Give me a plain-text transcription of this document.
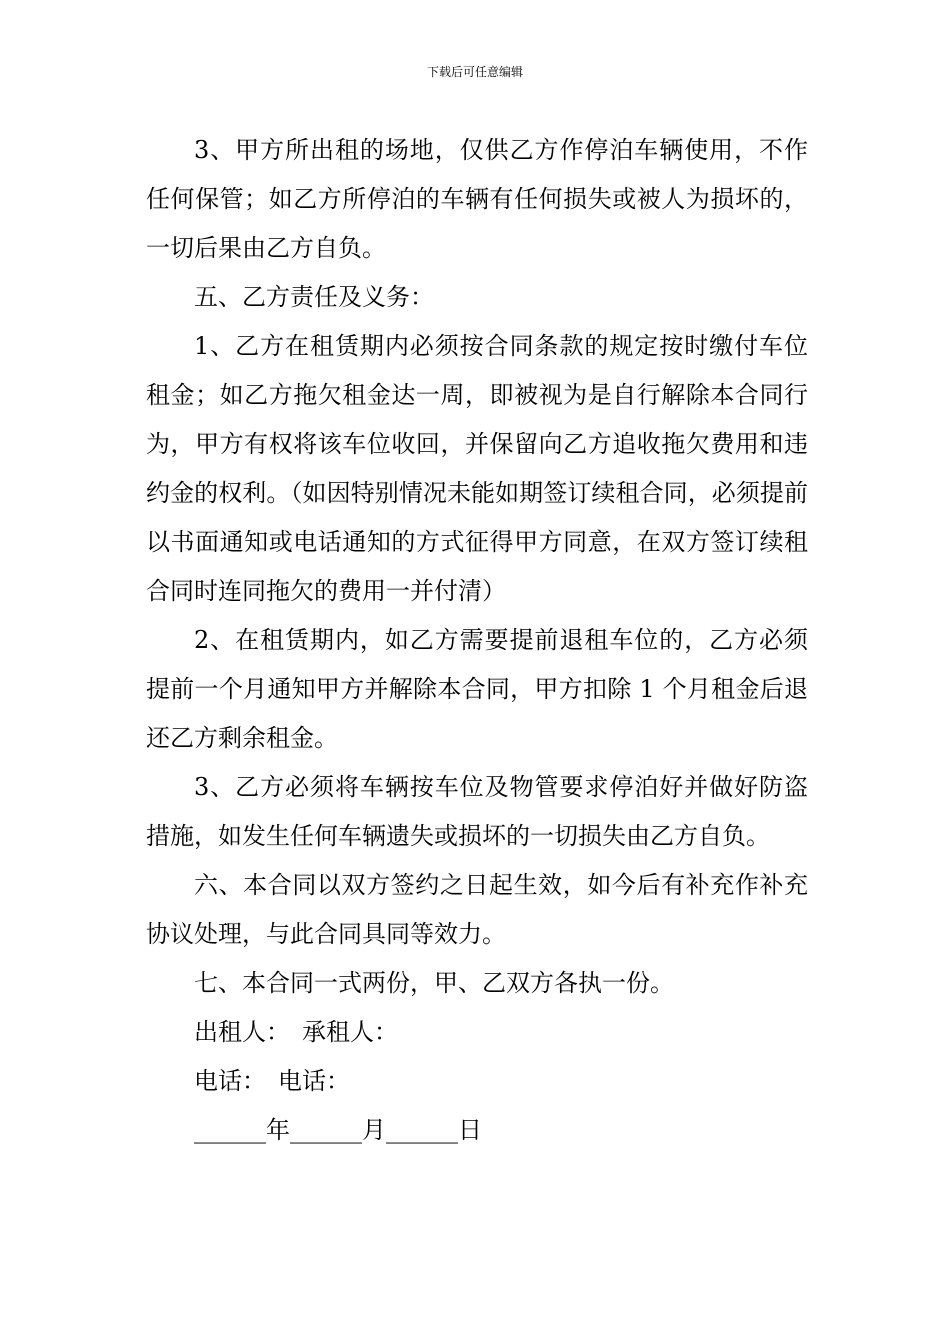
下载后可任意编辑

3、甲方所出租的场地，仅供乙方作停泊车辆使用，不作任何保管；如乙方所停泊的车辆有任何损失或被人为损坏的，一切后果由乙方自负。

五、乙方责任及义务：

1、乙方在租赁期内必须按合同条款的规定按时缴付车位租金；如乙方拖欠租金达一周，即被视为是自行解除本合同行为，甲方有权将该车位收回，并保留向乙方追收拖欠费用和违约金的权利。（如因特别情况未能如期签订续租合同，必须提前以书面通知或电话通知的方式征得甲方同意，在双方签订续租合同时连同拖欠的费用一并付清）

2、在租赁期内，如乙方需要提前退租车位的，乙方必须提前一个月通知甲方并解除本合同，甲方扣除 1 个月租金后退还乙方剩余租金。

3、乙方必须将车辆按车位及物管要求停泊好并做好防盗措施，如发生任何车辆遗失或损坏的一切损失由乙方自负。

六、本合同以双方签约之日起生效，如今后有补充作补充协议处理，与此合同具同等效力。

七、本合同一式两份，甲、乙双方各执一份。

出租人：　承租人：

电话：　电话：

______年______月______日
